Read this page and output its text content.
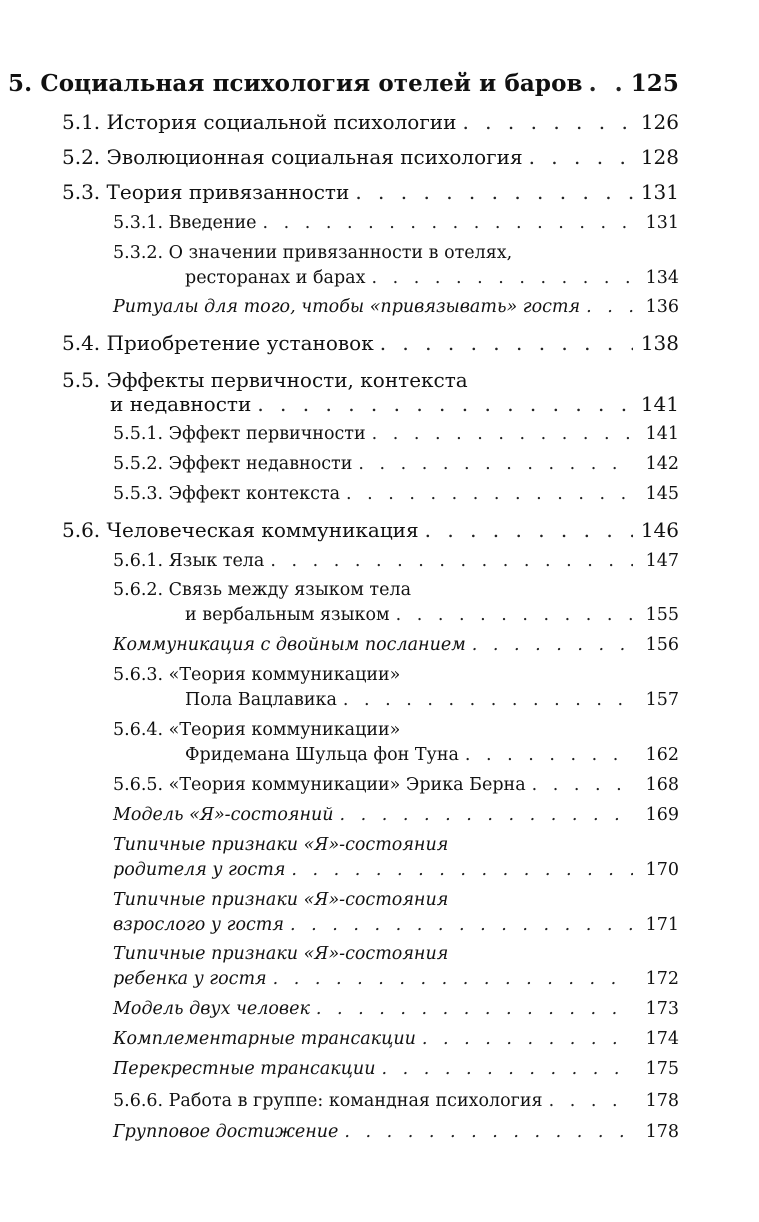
5. Социальная психология отелей и баров . . . 125
5.1. История социальной психологии . . .	126
5.2. Эволюционная социальная психология . . .	128
5.3. Теория привязанности . . .	131
5.3.1. Введение . . .	131
5.3.2. О значении привязанности в отелях,
ресторанах и барах . . .	134
Ритуалы для того, чтобы «привязывать» гостя . . .	136
5.4. Приобретение установок . . .	138
5.5. Эффекты первичности, контекста
и недавности . . .	141
5.5.1. Эффект первичности . . .	141
5.5.2. Эффект недавности . . .	142
5.5.3. Эффект контекста . . .	145
5.6. Человеческая коммуникация . . .	146
5.6.1. Язык тела . . .	147
5.6.2. Связь между языком тела
и вербальным языком . . .	155
Коммуникация с двойным посланием . . .	156
5.6.3. «Теория коммуникации»
Пола Вацлавика . . .	157
5.6.4. «Теория коммуникации»
Фридемана Шульца фон Туна . . .	162
5.6.5. «Теория коммуникации» Эрика Берна . . .	168
Модель «Я»-состояний . . .	169
Типичные признаки «Я»-состояния
родителя у гостя . . .	170
Типичные признаки «Я»-состояния
взрослого у гостя . . .	171
Типичные признаки «Я»-состояния
ребенка у гостя . . .	172
Модель двух человек . . .	173
Комплементарные трансакции . . .	174
Перекрестные трансакции . . .	175
5.6.6. Работа в группе: командная психология . . .	178
Групповое достижение . . .	178
